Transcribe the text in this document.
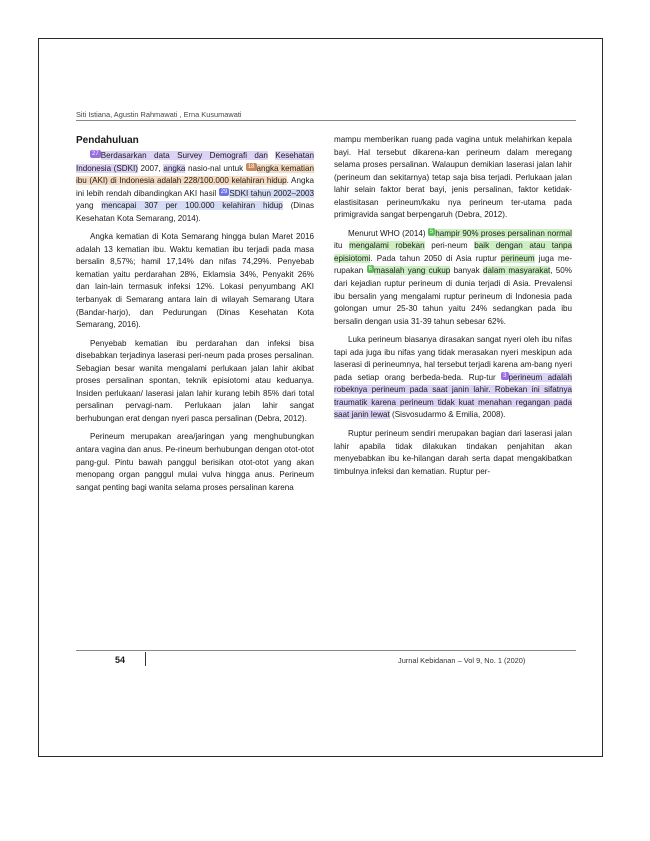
Siti Istiana, Agustin Rahmawati , Erna Kusumawati
Pendahuluan

27 Berdasarkan data Survey Demografi dan Kesehatan Indonesia (SDKI) 2007, angka nasio-nal untuk 18 angka kematian ibu (AKI) di Indonesia adalah 228/100.000 kelahiran hidup. Angka ini lebih rendah dibandingkan AKI hasil 29 SDKI tahun 2002–2003 yang mencapai 307 per 100.000 kelahiran hidup (Dinas Kesehatan Kota Semarang, 2014).

Angka kematian di Kota Semarang hingga bulan Maret 2016 adalah 13 kematian ibu. Waktu kematian ibu terjadi pada masa bersalin 8,57%; hamil 17,14% dan nifas 74,29%. Penyebab kematian yaitu perdarahan 28%, Eklamsia 34%, Penyakit 26% dan lain-lain termasuk infeksi 12%. Lokasi penyumbang AKI terbanyak di Semarang antara lain di wilayah Semarang Utara (Bandar-harjo), dan Pedurungan (Dinas Kesehatan Kota Semarang, 2016).

Penyebab kematian ibu perdarahan dan infeksi bisa disebabkan terjadinya laserasi peri-neum pada proses persalinan. Sebagian besar wanita mengalami perlukaan jalan lahir akibat proses persalinan spontan, teknik episiotomi atau keduanya. Insiden perlukaan/ laserasi jalan lahir kurang lebih 85% dari total persalinan pervagi-nam. Perlukaan jalan lahir sangat berhubungan erat dengan nyeri pasca persalinan (Debra, 2012).

Perineum merupakan area/jaringan yang menghubungkan antara vagina dan anus. Pe-rineum berhubungan dengan otot-otot pang-gul. Pintu bawah panggul berisikan otot-otot yang akan menopang organ panggul mulai vulva hingga anus. Perineum sangat penting bagi wanita selama proses persalinan karena

mampu memberikan ruang pada vagina untuk melahirkan kepala bayi. Hal tersebut dikarena-kan perineum dalam meregang selama proses persalinan. Walaupun demikian laserasi jalan lahir (perineum dan sekitarnya) tetap saja bisa terjadi. Perlukaan jalan lahir selain faktor berat bayi, jenis persalinan, faktor ketidak-elastisitasan perineum/kaku nya perineum ter-utama pada primigravida sangat berpengaruh (Debra, 2012).

Menurut WHO (2014) 5 hampir 90% proses persalinan normal itu mengalami robekan peri-neum baik dengan atau tanpa episiotomi. Pada tahun 2050 di Asia ruptur perineum juga me-rupakan 6 masalah yang cukup banyak dalam masyarakat, 50% dari kejadian ruptur perineum di dunia terjadi di Asia. Prevalensi ibu bersalin yang mengalami ruptur perineum di Indonesia pada golongan umur 25-30 tahun yaitu 24% sedangkan pada ibu bersalin dengan usia 31-39 tahun sebesar 62%.

Luka perineum biasanya dirasakan sangat nyeri oleh ibu nifas tapi ada juga ibu nifas yang tidak merasakan nyeri meskipun ada laserasi di perineumnya, hal tersebut terjadi karena am-bang nyeri pada setiap orang berbeda-beda. Rup-tur 3 perineum adalah robeknya perineum pada saat janin lahir. Robekan ini sifatnya traumatik karena perineum tidak kuat menahan regangan pada saat janin lewat (Sisvosudarmo & Emilia, 2008).

Ruptur perineum sendiri merupakan bagian dari laserasi jalan lahir apabila tidak dilakukan tindakan penjahitan akan menyebabkan ibu ke-hilangan darah serta dapat mengakibatkan timbulnya infeksi dan kematian. Ruptur per-

54	Jurnal Kebidanan – Vol 9, No. 1 (2020)
